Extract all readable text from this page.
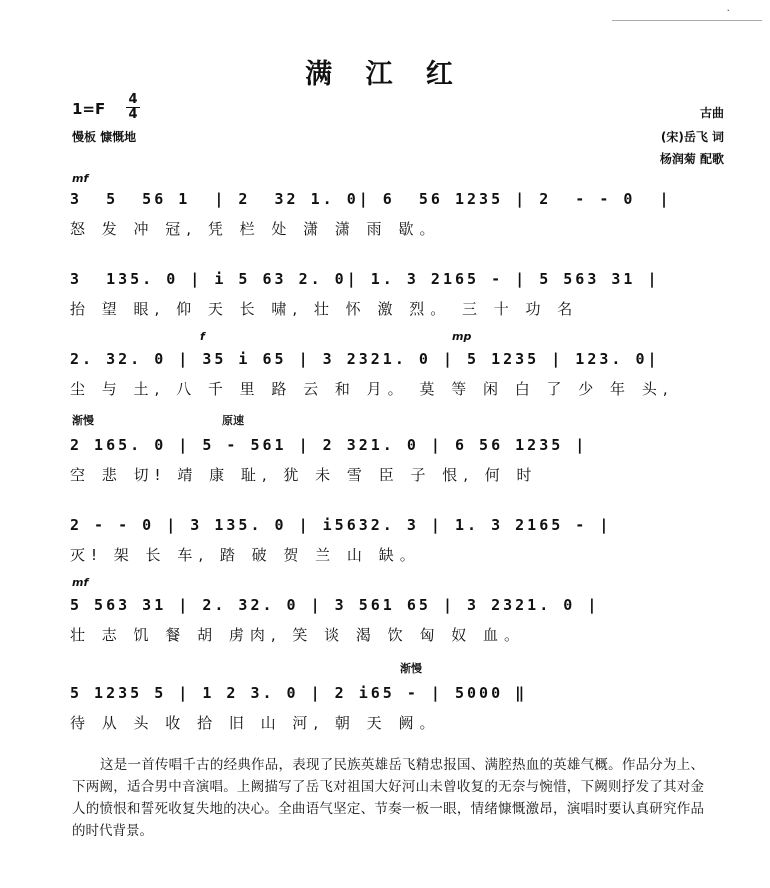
·
满 江 红
1=F
4
4
慢板 慷慨地
古曲
(宋)岳飞 词
杨润菊 配歌
mf
f	mp
渐慢	原速
mf
渐慢
3  5  56 1  | 2  32 1. 0| 6  56 1235 | 2  - - 0  |
怒 发 冲 冠, 凭 栏 处 潇 潇 雨 歇。
3  135. 0 | i 5 63 2. 0| 1. 3 2165 - | 5 563 31 |
抬 望 眼, 仰 天 长 啸, 壮 怀 激 烈。 三 十 功 名
2. 32. 0 | 35 i 65 | 3 2321. 0 | 5 1235 | 123. 0|
尘 与 土, 八 千 里 路 云 和 月。 莫 等 闲 白 了 少 年 头,
2 165. 0 | 5 - 561 | 2 321. 0 | 6 56 1235 |
空 悲 切! 靖 康 耻, 犹 未 雪 臣 子 恨, 何 时
2 - - 0 | 3 135. 0 | i5632. 3 | 1. 3 2165 - |
灭! 架 长 车, 踏 破 贺 兰 山 缺。
5 563 31 | 2. 32. 0 | 3 561 65 | 3 2321. 0 |
壮 志 饥 餐 胡 虏肉, 笑 谈 渴 饮 匈 奴 血。
5 1235 5 | 1 2 3. 0 | 2 i65 - | 5000 ‖
待 从 头 收 拾 旧 山 河, 朝 天 阙。
这是一首传唱千古的经典作品，表现了民族英雄岳飞精忠报国、满腔热血的英雄气概。作品分为上、下两阙，适合男中音演唱。上阙描写了岳飞对祖国大好河山未曾收复的无奈与惋惜，下阙则抒发了其对金人的愤恨和誓死收复失地的决心。全曲语气坚定、节奏一板一眼，情绪慷慨激昂，演唱时要认真研究作品的时代背景。
